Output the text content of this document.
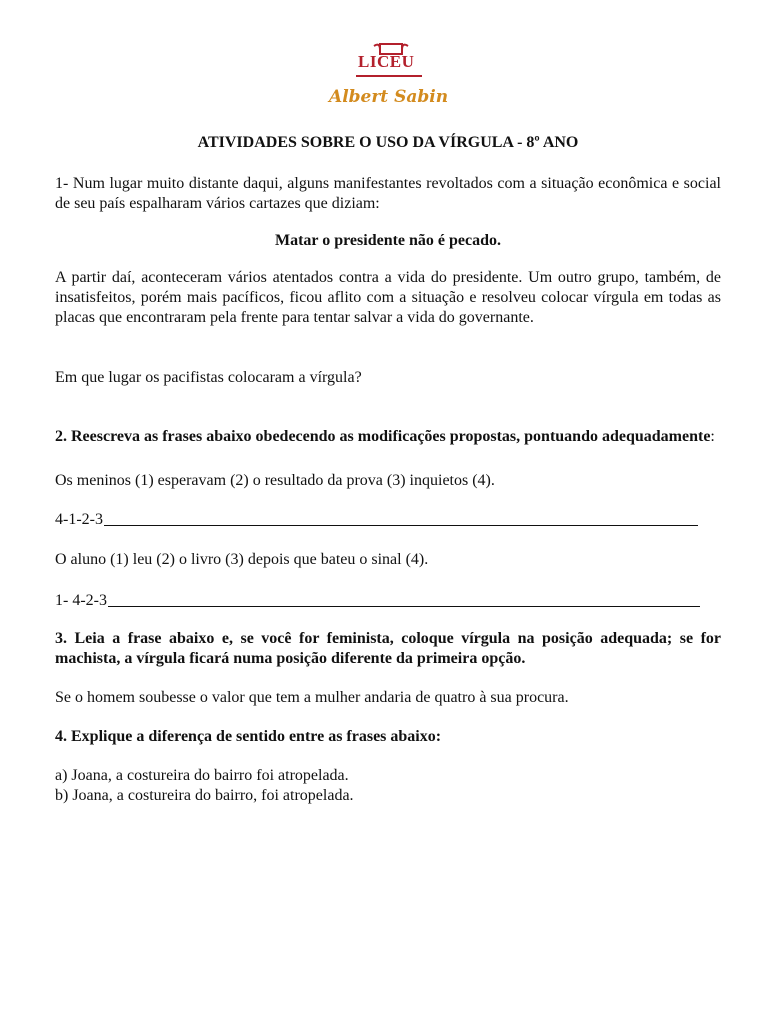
LICEU
Albert Sabin
ATIVIDADES SOBRE O USO DA VÍRGULA - 8º ANO

1- Num lugar muito distante daqui, alguns manifestantes revoltados com a situação econômica e social de seu país espalharam vários cartazes que diziam:

Matar o presidente não é pecado.

A partir daí, aconteceram vários atentados contra a vida do presidente. Um outro grupo, também, de insatisfeitos, porém mais pacíficos, ficou aflito com a situação e resolveu colocar vírgula em todas as placas que encontraram pela frente para tentar salvar a vida do governante.

Em que lugar os pacifistas colocaram a vírgula?

2. Reescreva as frases abaixo obedecendo as modificações propostas, pontuando adequadamente:

Os meninos (1) esperavam (2) o resultado da prova (3) inquietos (4).

4-1-2-3

O aluno (1) leu (2) o livro (3) depois que bateu o sinal (4).

1- 4-2-3

3. Leia a frase abaixo e, se você for feminista, coloque vírgula na posição adequada; se for machista, a vírgula ficará numa posição diferente da primeira opção.

Se o homem soubesse o valor que tem a mulher andaria de quatro à sua procura.

4. Explique a diferença de sentido entre as frases abaixo:

a) Joana, a costureira do bairro foi atropelada.

b) Joana, a costureira do bairro, foi atropelada.
